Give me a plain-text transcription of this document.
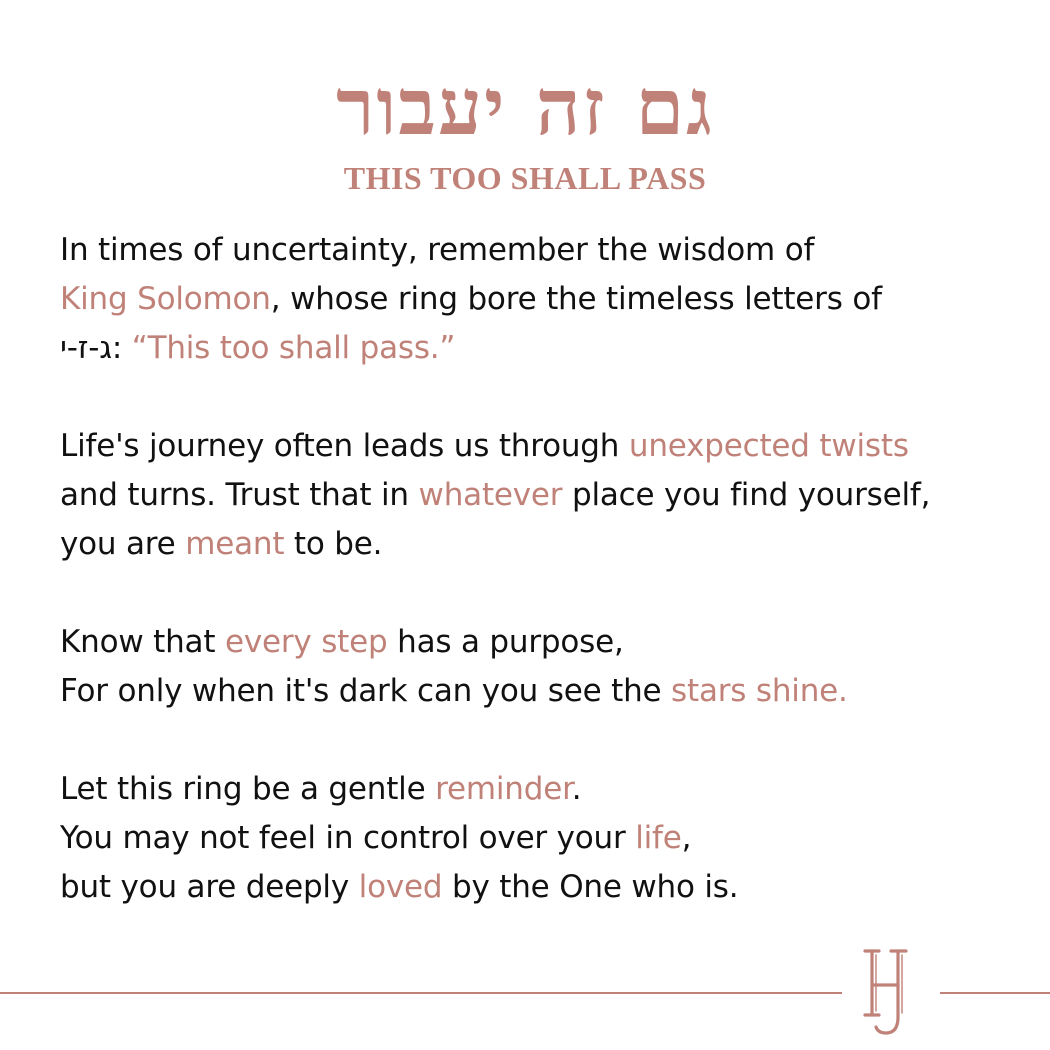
גם זה יעבור
THIS TOO SHALL PASS
In times of uncertainty, remember the wisdom of
King Solomon, whose ring bore the timeless letters of
ג-ז-י: “This too shall pass.”
Life's journey often leads us through unexpected twists
and turns. Trust that in whatever place you find yourself,
you are meant to be.
Know that every step has a purpose,
For only when it's dark can you see the stars shine.
Let this ring be a gentle reminder.
You may not feel in control over your life,
but you are deeply loved by the One who is.
